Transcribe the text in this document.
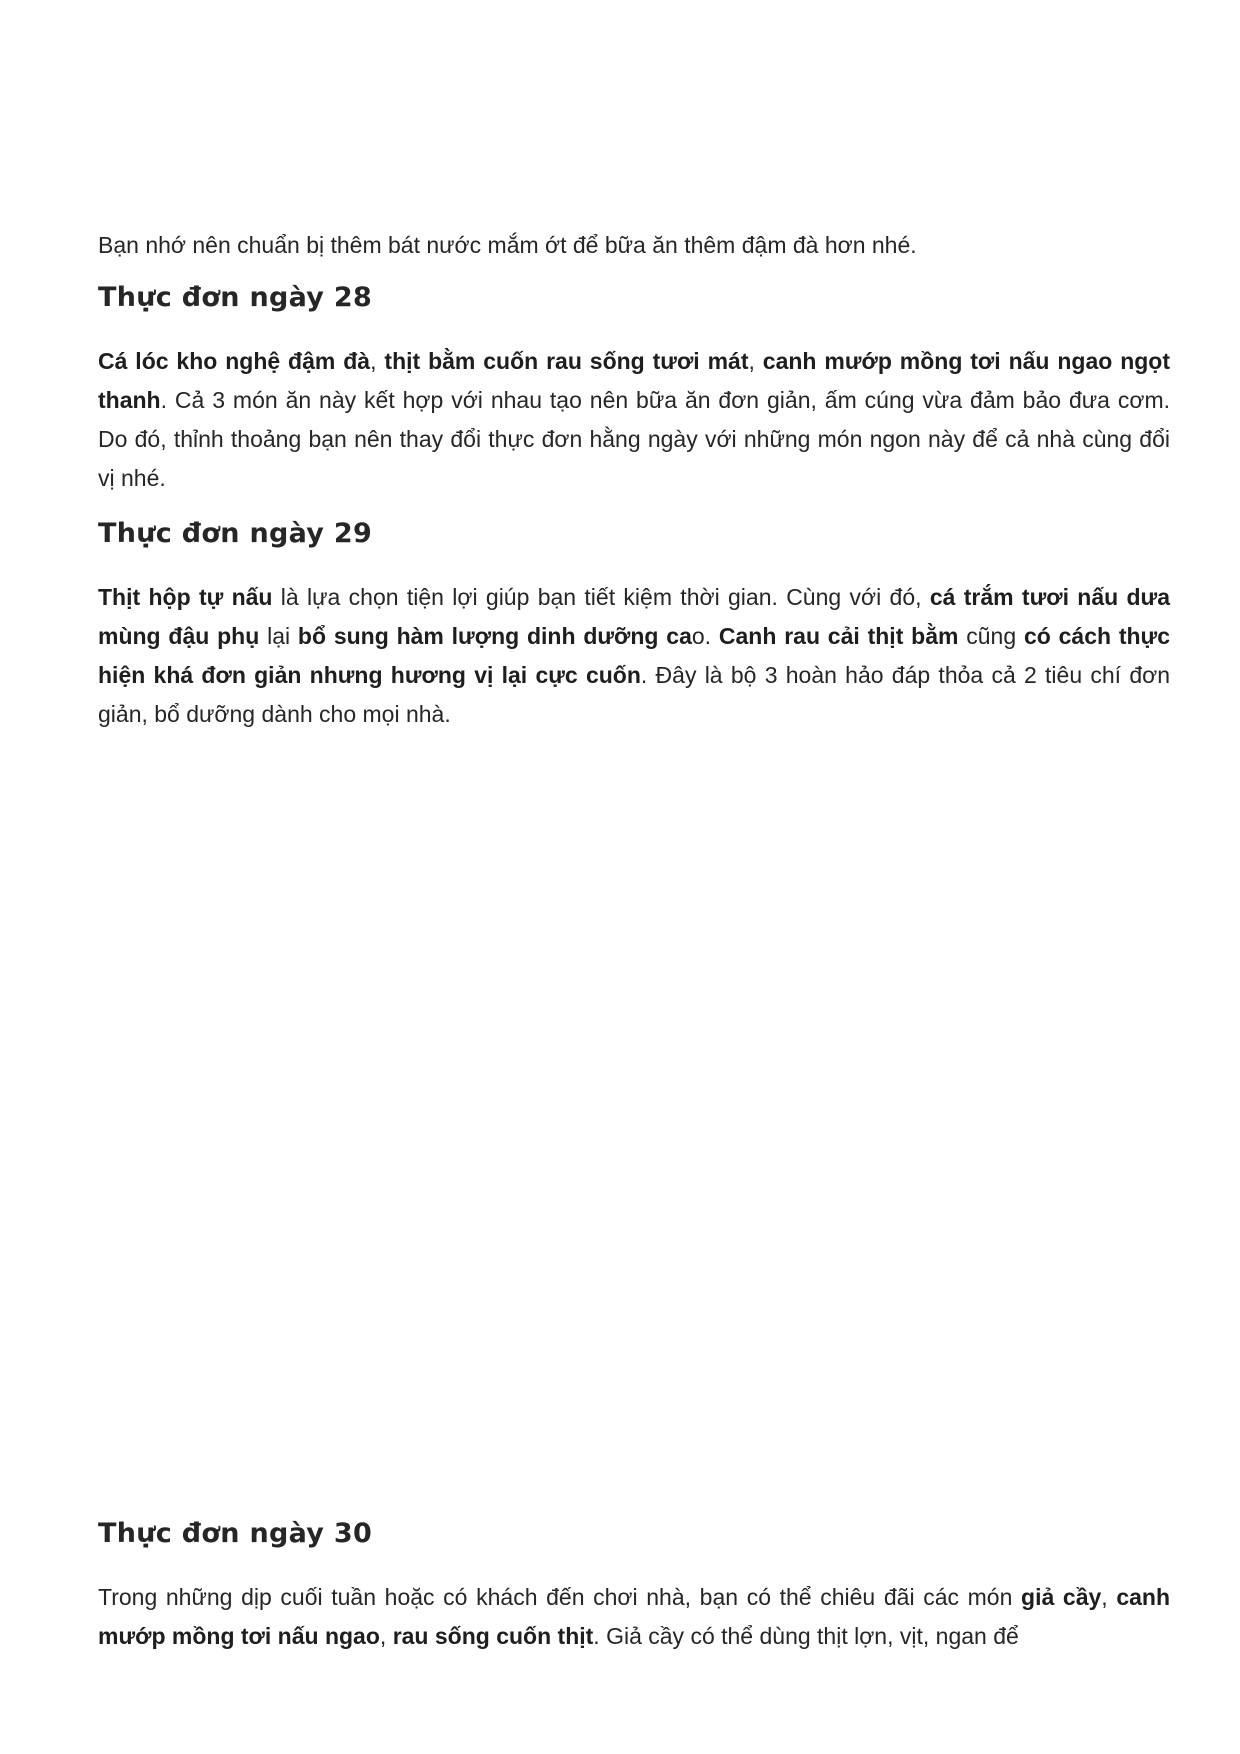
Bạn nhớ nên chuẩn bị thêm bát nước mắm ớt để bữa ăn thêm đậm đà hơn nhé.

Thực đơn ngày 28

Cá lóc kho nghệ đậm đà, thịt bằm cuốn rau sống tươi mát, canh mướp mồng tơi nấu ngao ngọt thanh. Cả 3 món ăn này kết hợp với nhau tạo nên bữa ăn đơn giản, ấm cúng vừa đảm bảo đưa cơm. Do đó, thỉnh thoảng bạn nên thay đổi thực đơn hằng ngày với những món ngon này để cả nhà cùng đổi vị nhé.

Thực đơn ngày 29

Thịt hộp tự nấu là lựa chọn tiện lợi giúp bạn tiết kiệm thời gian. Cùng với đó, cá trắm tươi nấu dưa mùng đậu phụ lại bổ sung hàm lượng dinh dưỡng cao. Canh rau cải thịt bằm cũng có cách thực hiện khá đơn giản nhưng hương vị lại cực cuốn. Đây là bộ 3 hoàn hảo đáp thỏa cả 2 tiêu chí đơn giản, bổ dưỡng dành cho mọi nhà.

Thực đơn ngày 30

Trong những dịp cuối tuần hoặc có khách đến chơi nhà, bạn có thể chiêu đãi các món giả cầy, canh mướp mồng tơi nấu ngao, rau sống cuốn thịt. Giả cầy có thể dùng thịt lợn, vịt, ngan để
